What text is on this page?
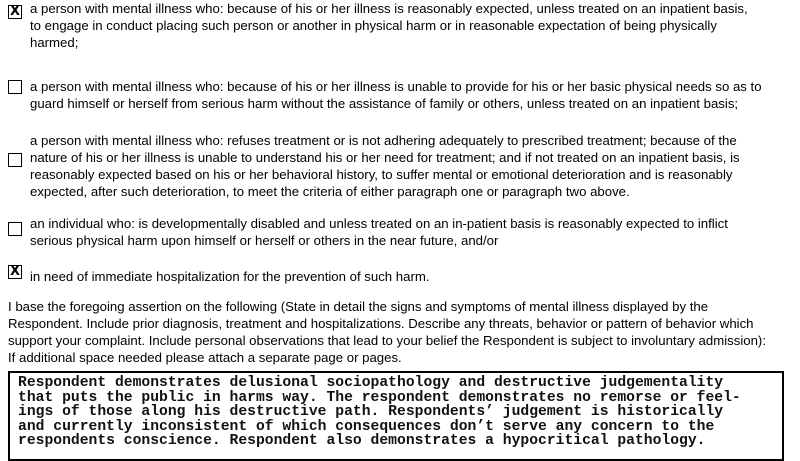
X a person with mental illness who: because of his or her illness is reasonably expected, unless treated on an inpatient basis,
to engage in conduct placing such person or another in physical harm or in reasonable expectation of being physically
harmed;
a person with mental illness who: because of his or her illness is unable to provide for his or her basic physical needs so as to
guard himself or herself from serious harm without the assistance of family or others, unless treated on an inpatient basis;
a person with mental illness who: refuses treatment or is not adhering adequately to prescribed treatment; because of the
nature of his or her illness is unable to understand his or her need for treatment; and if not treated on an inpatient basis, is
reasonably expected based on his or her behavioral history, to suffer mental or emotional deterioration and is reasonably
expected, after such deterioration, to meet the criteria of either paragraph one or paragraph two above.
an individual who: is developmentally disabled and unless treated on an in-patient basis is reasonably expected to inflict
serious physical harm upon himself or herself or others in the near future, and/or
X in need of immediate hospitalization for the prevention of such harm.
I base the foregoing assertion on the following (State in detail the signs and symptoms of mental illness displayed by the
Respondent. Include prior diagnosis, treatment and hospitalizations. Describe any threats, behavior or pattern of behavior which
support your complaint. Include personal observations that lead to your belief the Respondent is subject to involuntary admission):
If additional space needed please attach a separate page or pages.
Respondent demonstrates delusional sociopathology and destructive judgementality
that puts the public in harms way. The respondent demonstrates no remorse or feel-
ings of those along his destructive path. Respondents’ judgement is historically
and currently inconsistent of which consequences don’t serve any concern to the
respondents conscience. Respondent also demonstrates a hypocritical pathology.
